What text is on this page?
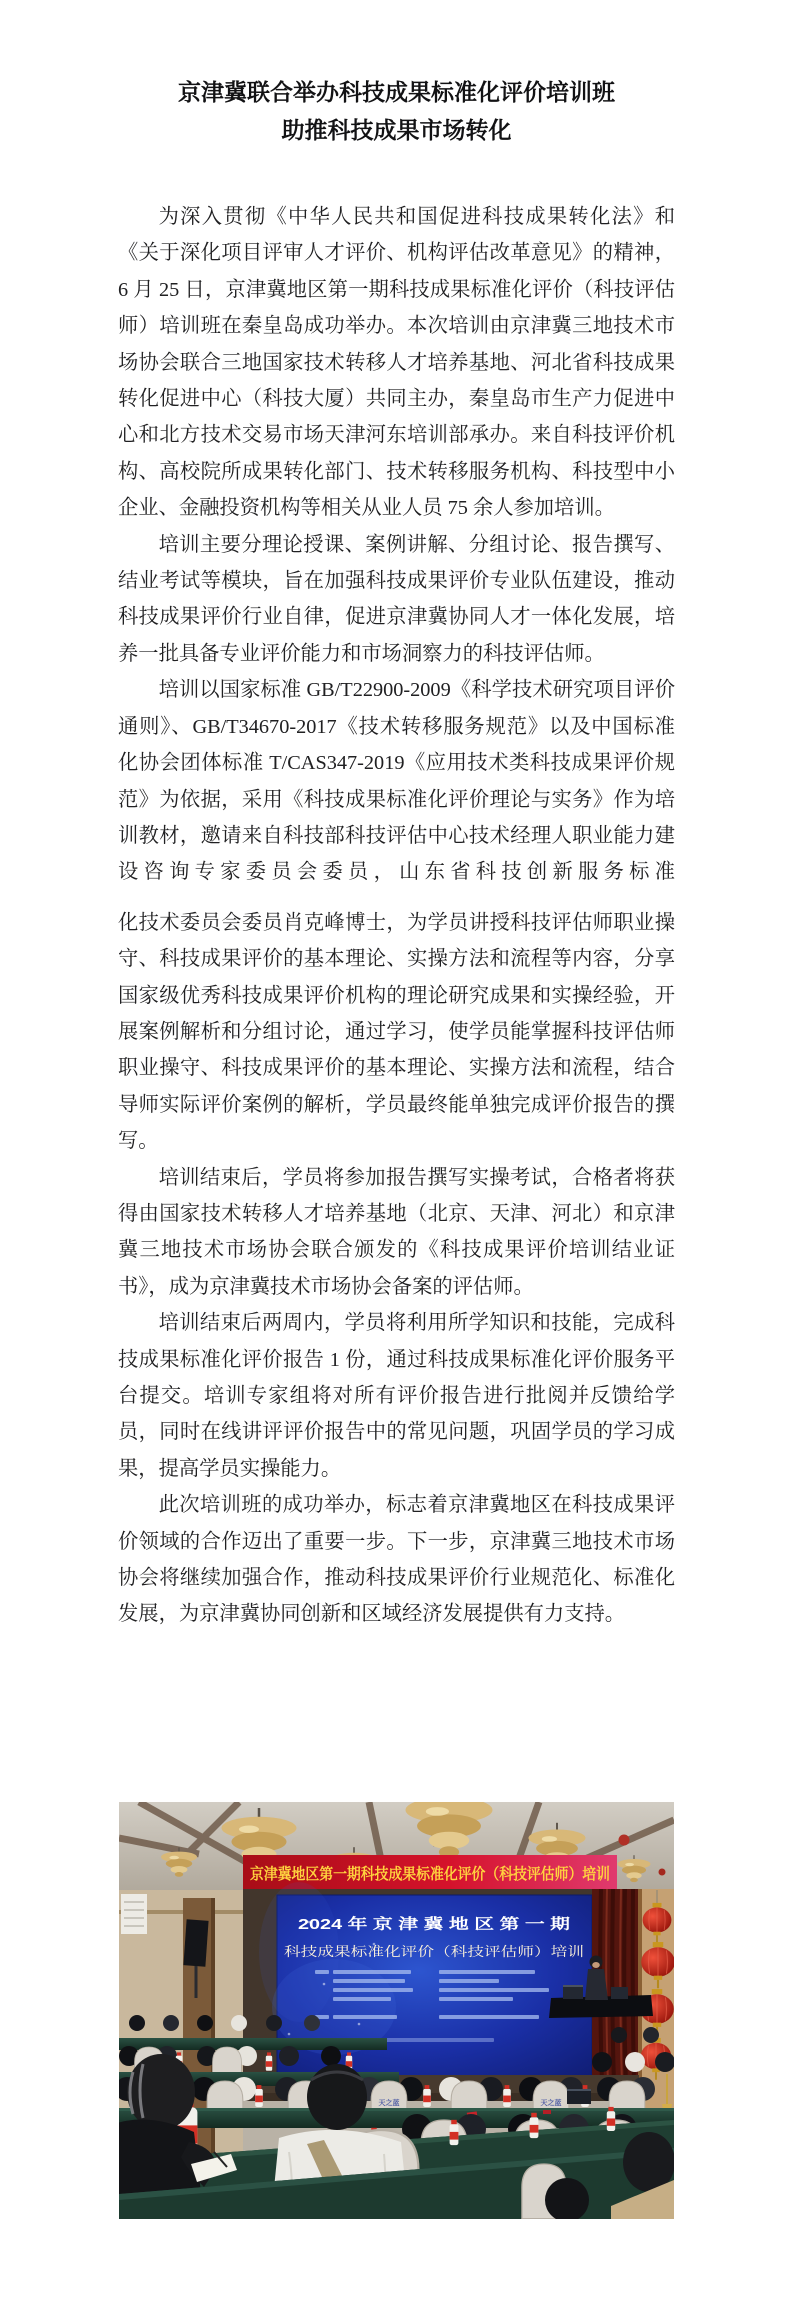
京津冀联合举办科技成果标准化评价培训班
助推科技成果市场转化

为深入贯彻《中华人民共和国促进科技成果转化法》和《关于深化项目评审人才评价、机构评估改革意见》的精神，6 月 25 日，京津冀地区第一期科技成果标准化评价（科技评估师）培训班在秦皇岛成功举办。本次培训由京津冀三地技术市场协会联合三地国家技术转移人才培养基地、河北省科技成果转化促进中心（科技大厦）共同主办，秦皇岛市生产力促进中心和北方技术交易市场天津河东培训部承办。来自科技评价机构、高校院所成果转化部门、技术转移服务机构、科技型中小企业、金融投资机构等相关从业人员 75 余人参加培训。

培训主要分理论授课、案例讲解、分组讨论、报告撰写、结业考试等模块，旨在加强科技成果评价专业队伍建设，推动科技成果评价行业自律，促进京津冀协同人才一体化发展，培养一批具备专业评价能力和市场洞察力的科技评估师。

培训以国家标准 GB/T22900-2009《科学技术研究项目评价通则》、GB/T34670-2017《技术转移服务规范》以及中国标准化协会团体标准 T/CAS347-2019《应用技术类科技成果评价规范》为依据，采用《科技成果标准化评价理论与实务》作为培训教材，邀请来自科技部科技评估中心技术经理人职业能力建设咨询专家委员会委员，山东省科技创新服务标准

化技术委员会委员肖克峰博士，为学员讲授科技评估师职业操守、科技成果评价的基本理论、实操方法和流程等内容，分享国家级优秀科技成果评价机构的理论研究成果和实操经验，开展案例解析和分组讨论，通过学习，使学员能掌握科技评估师职业操守、科技成果评价的基本理论、实操方法和流程，结合导师实际评价案例的解析，学员最终能单独完成评价报告的撰写。

培训结束后，学员将参加报告撰写实操考试，合格者将获得由国家技术转移人才培养基地（北京、天津、河北）和京津冀三地技术市场协会联合颁发的《科技成果评价培训结业证书》，成为京津冀技术市场协会备案的评估师。

培训结束后两周内，学员将利用所学知识和技能，完成科技成果标准化评价报告 1 份，通过科技成果标准化评价服务平台提交。培训专家组将对所有评价报告进行批阅并反馈给学员，同时在线讲评评价报告中的常见问题，巩固学员的学习成果，提高学员实操能力。

此次培训班的成功举办，标志着京津冀地区在科技成果评价领域的合作迈出了重要一步。下一步，京津冀三地技术市场协会将继续加强合作，推动科技成果评价行业规范化、标准化发展，为京津冀协同创新和区域经济发展提供有力支持。

京津冀地区第一期科技成果标准化评价（科技评估师）培训
2024 年 京 津 冀 地 区 第 一 期
科技成果标准化评价（科技评估师）培训
天之蓝	天之蓝
